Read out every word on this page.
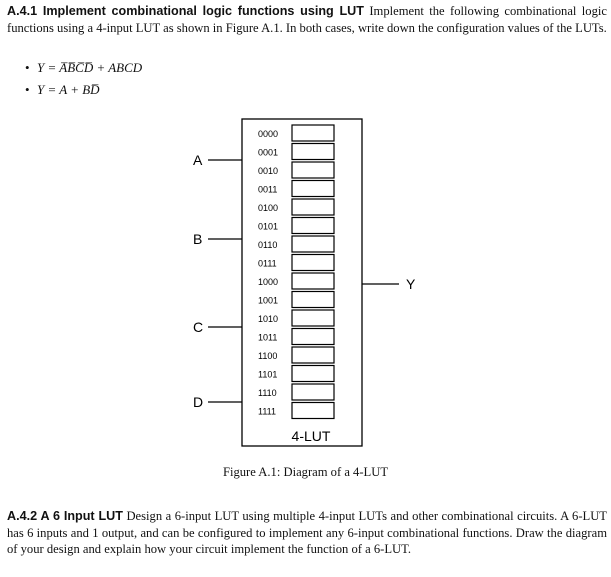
A.4.1 Implement combinational logic functions using LUT Implement the following combinational logic functions using a 4-input LUT as shown in Figure A.1. In both cases, write down the configuration values of the LUTs.
• Y = A̅B̅C̅D̅ + ABCD
• Y = A + BD̅
0000
0001
0010
0011
0100
0101
0110
0111
1000
1001
1010
1011
1100
1101
1110
1111
A
B
C
D
Y
4-LUT
Figure A.1: Diagram of a 4-LUT
A.4.2 A 6 Input LUT Design a 6-input LUT using multiple 4-input LUTs and other combinational circuits. A 6-LUT has 6 inputs and 1 output, and can be configured to implement any 6-input combinational functions. Draw the diagram of your design and explain how your circuit implement the function of a 6-LUT.
